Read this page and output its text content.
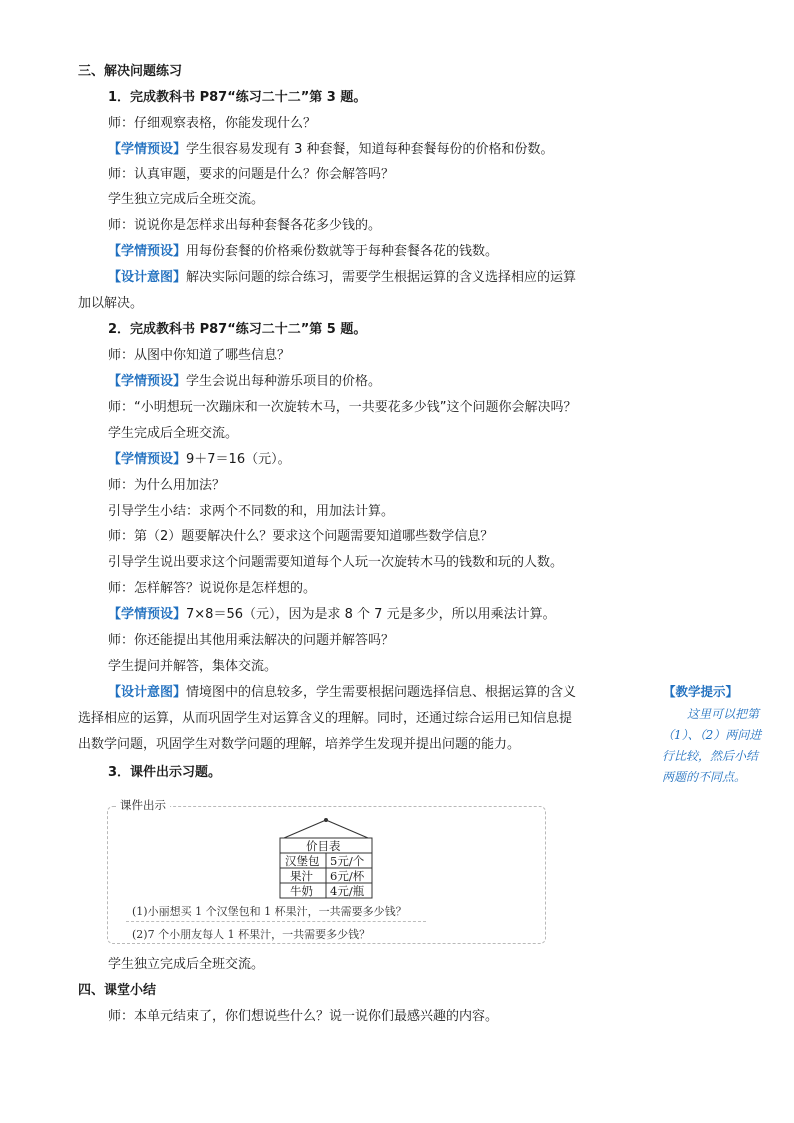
三、解决问题练习
1．完成教科书 P87“练习二十二”第 3 题。
师：仔细观察表格，你能发现什么？
【学情预设】学生很容易发现有 3 种套餐，知道每种套餐每份的价格和份数。
师：认真审题，要求的问题是什么？你会解答吗？
学生独立完成后全班交流。
师：说说你是怎样求出每种套餐各花多少钱的。
【学情预设】用每份套餐的价格乘份数就等于每种套餐各花的钱数。
【设计意图】解决实际问题的综合练习，需要学生根据运算的含义选择相应的运算
加以解决。
2．完成教科书 P87“练习二十二”第 5 题。
师：从图中你知道了哪些信息？
【学情预设】学生会说出每种游乐项目的价格。
师：“小明想玩一次蹦床和一次旋转木马，一共要花多少钱”这个问题你会解决吗？
学生完成后全班交流。
【学情预设】9＋7＝16（元）。
师：为什么用加法？
引导学生小结：求两个不同数的和，用加法计算。
师：第（2）题要解决什么？要求这个问题需要知道哪些数学信息？
引导学生说出要求这个问题需要知道每个人玩一次旋转木马的钱数和玩的人数。
师：怎样解答？说说你是怎样想的。
【学情预设】7×8＝56（元），因为是求 8 个 7 元是多少，所以用乘法计算。
师：你还能提出其他用乘法解决的问题并解答吗？
学生提问并解答，集体交流。
【设计意图】情境图中的信息较多，学生需要根据问题选择信息、根据运算的含义
选择相应的运算，从而巩固学生对运算含义的理解。同时，还通过综合运用已知信息提
出数学问题，巩固学生对数学问题的理解，培养学生发现并提出问题的能力。
3．课件出示习题。
课件出示
价目表
汉堡包 5元/个
果汁 6元/杯
牛奶 4元/瓶
(1)小丽想买 1 个汉堡包和 1 杯果汁，一共需要多少钱？
(2)7 个小朋友每人 1 杯果汁，一共需要多少钱？
学生独立完成后全班交流。
四、课堂小结
师：本单元结束了，你们想说些什么？说一说你们最感兴趣的内容。
【教学提示】
这里可以把第
（1）、（2）两问进
行比较，然后小结
两题的不同点。
